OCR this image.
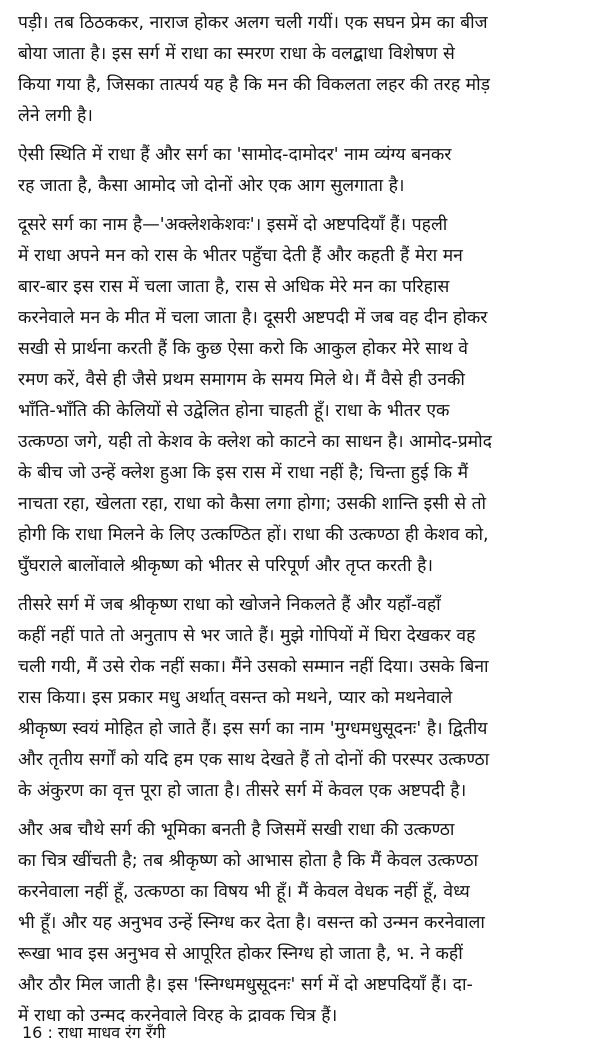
पड़ी। तब ठिठककर, नाराज होकर अलग चली गयीं। एक सघन प्रेम का बीज
बोया जाता है। इस सर्ग में राधा का स्मरण राधा के वलद्बाधा विशेषण से
किया गया है, जिसका तात्पर्य यह है कि मन की विकलता लहर की तरह मोड़
लेने लगी है।
ऐसी स्थिति में राधा हैं और सर्ग का 'सामोद-दामोदर' नाम व्यंग्य बनकर
रह जाता है, कैसा आमोद जो दोनों ओर एक आग सुलगाता है।
दूसरे सर्ग का नाम है—'अक्लेशकेशवः'। इसमें दो अष्टपदियाँ हैं। पहली
में राधा अपने मन को रास के भीतर पहुँचा देती हैं और कहती हैं मेरा मन
बार-बार इस रास में चला जाता है, रास से अधिक मेरे मन का परिहास
करनेवाले मन के मीत में चला जाता है। दूसरी अष्टपदी में जब वह दीन होकर
सखी से प्रार्थना करती हैं कि कुछ ऐसा करो कि आकुल होकर मेरे साथ वे
रमण करें, वैसे ही जैसे प्रथम समागम के समय मिले थे। मैं वैसे ही उनकी
भाँति-भाँति की केलियों से उद्वेलित होना चाहती हूँ। राधा के भीतर एक
उत्कण्ठा जगे, यही तो केशव के क्लेश को काटने का साधन है। आमोद-प्रमोद
के बीच जो उन्हें क्लेश हुआ कि इस रास में राधा नहीं है; चिन्ता हुई कि मैं
नाचता रहा, खेलता रहा, राधा को कैसा लगा होगा; उसकी शान्ति इसी से तो
होगी कि राधा मिलने के लिए उत्कण्ठित हों। राधा की उत्कण्ठा ही केशव को,
घुँघराले बालोंवाले श्रीकृष्ण को भीतर से परिपूर्ण और तृप्त करती है।
तीसरे सर्ग में जब श्रीकृष्ण राधा को खोजने निकलते हैं और यहाँ-वहाँ
कहीं नहीं पाते तो अनुताप से भर जाते हैं। मुझे गोपियों में घिरा देखकर वह
चली गयी, मैं उसे रोक नहीं सका। मैंने उसको सम्मान नहीं दिया। उसके बिना
रास किया। इस प्रकार मधु अर्थात् वसन्त को मथने, प्यार को मथनेवाले
श्रीकृष्ण स्वयं मोहित हो जाते हैं। इस सर्ग का नाम 'मुग्धमधुसूदनः' है। द्वितीय
और तृतीय सर्गों को यदि हम एक साथ देखते हैं तो दोनों की परस्पर उत्कण्ठा
के अंकुरण का वृत्त पूरा हो जाता है। तीसरे सर्ग में केवल एक अष्टपदी है।
और अब चौथे सर्ग की भूमिका बनती है जिसमें सखी राधा की उत्कण्ठा
का चित्र खींचती है; तब श्रीकृष्ण को आभास होता है कि मैं केवल उत्कण्ठा
करनेवाला नहीं हूँ, उत्कण्ठा का विषय भी हूँ। मैं केवल वेधक नहीं हूँ, वेध्य
भी हूँ। और यह अनुभव उन्हें स्निग्ध कर देता है। वसन्त को उन्मन करनेवाला
रूखा भाव इस अनुभव से आपूरित होकर स्निग्ध हो जाता है, भ. ने कहीं
और ठौर मिल जाती है। इस 'स्निग्धमधुसूदनः' सर्ग में दो अष्टपदियाँ हैं। दा-
में राधा को उन्मद करनेवाले विरह के द्रावक चित्र हैं।
16 : राधा माधव रंग रँगी
